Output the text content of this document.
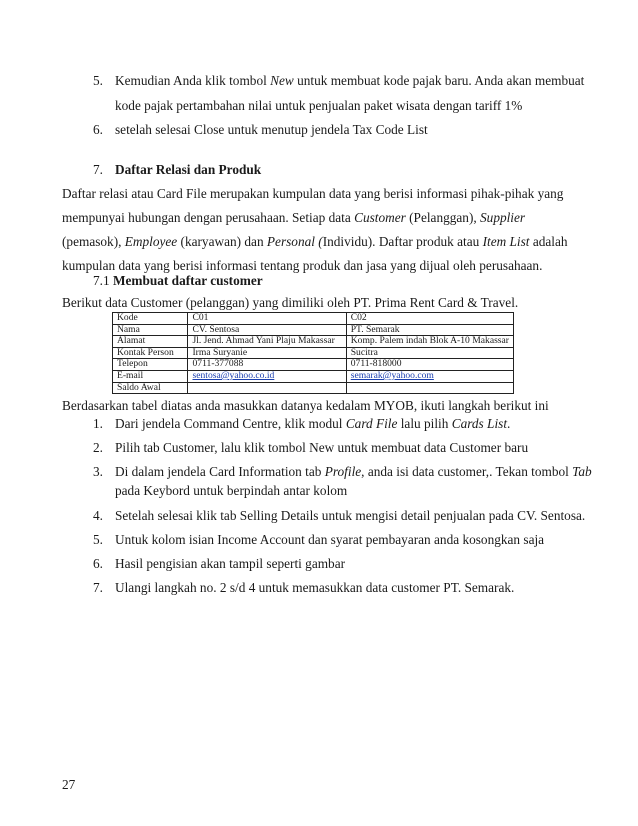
5. Kemudian Anda klik tombol New untuk membuat kode pajak baru. Anda akan membuat
kode pajak pertambahan nilai untuk penjualan paket wisata dengan tariff 1%
6. setelah selesai Close untuk menutup jendela Tax Code List
7. Daftar Relasi dan Produk
Daftar relasi atau Card File merupakan kumpulan data yang berisi informasi pihak-pihak yang
mempunyai hubungan dengan perusahaan. Setiap data Customer (Pelanggan), Supplier
(pemasok), Employee (karyawan) dan Personal (Individu). Daftar produk atau Item List adalah
kumpulan data yang berisi informasi tentang produk dan jasa yang dijual oleh perusahaan.
7.1 Membuat daftar customer
Berikut data Customer (pelanggan) yang dimiliki oleh PT. Prima Rent Card & Travel.
Kode	C01	C02
Nama	CV. Sentosa	PT. Semarak
Alamat	Jl. Jend. Ahmad Yani Plaju Makassar	Komp. Palem indah Blok A-10 Makassar
Kontak Person	Irma Suryanie	Sucitra
Telepon	0711-377088	0711-818000
E-mail	sentosa@yahoo.co.id	semarak@yahoo.com
Saldo Awal		
Berdasarkan tabel diatas anda masukkan datanya kedalam MYOB, ikuti langkah berikut ini
1. Dari jendela Command Centre, klik modul Card File lalu pilih Cards List.
2. Pilih tab Customer, lalu klik tombol New untuk membuat data Customer baru
3. Di dalam jendela Card Information tab Profile, anda isi data customer,. Tekan tombol Tab
pada Keybord untuk berpindah antar kolom
4. Setelah selesai klik tab Selling Details untuk mengisi detail penjualan pada CV. Sentosa.
5. Untuk kolom isian Income Account dan syarat pembayaran anda kosongkan saja
6. Hasil pengisian akan tampil seperti gambar
7. Ulangi langkah no. 2 s/d 4 untuk memasukkan data customer PT. Semarak.
27
